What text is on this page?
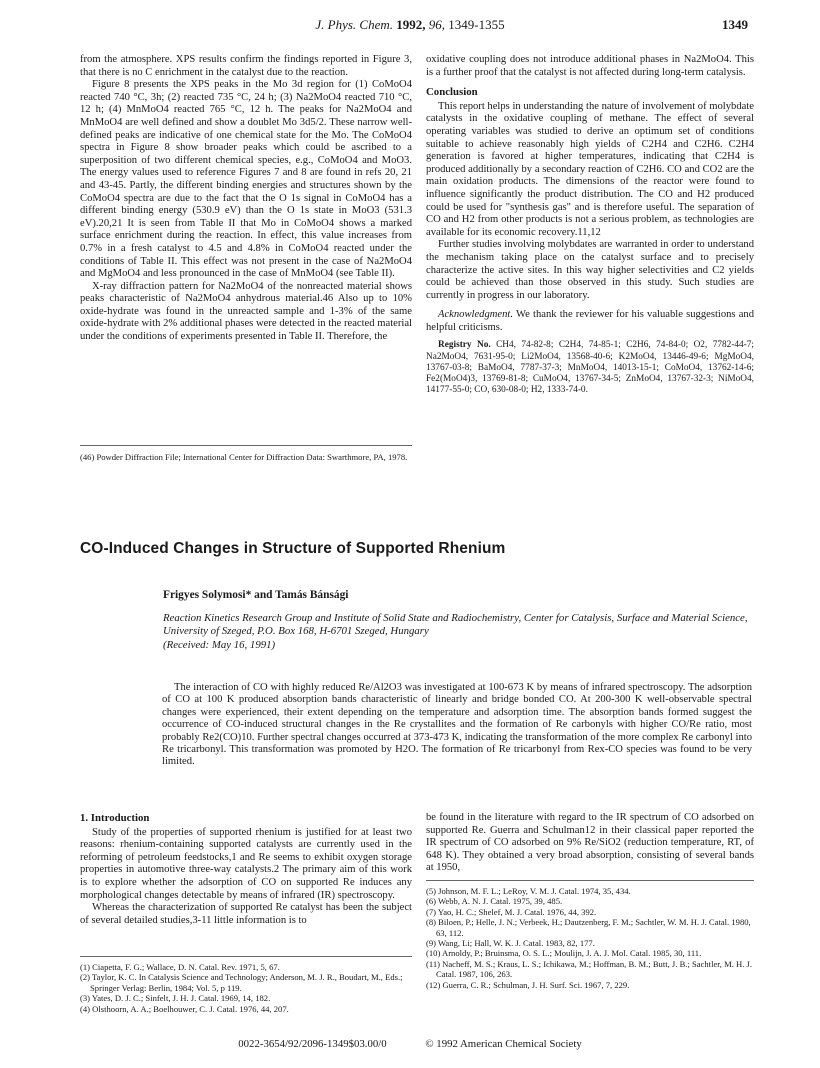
J. Phys. Chem. 1992, 96, 1349-1355	1349

from the atmosphere. XPS results confirm the findings reported in Figure 3, that there is no C enrichment in the catalyst due to the reaction.

Figure 8 presents the XPS peaks in the Mo 3d region for (1) CoMoO4 reacted 740 °C, 3h; (2) reacted 735 °C, 24 h; (3) Na2MoO4 reacted 710 °C, 12 h; (4) MnMoO4 reacted 765 °C, 12 h. The peaks for Na2MoO4 and MnMoO4 are well defined and show a doublet Mo 3d5/2. These narrow well-defined peaks are indicative of one chemical state for the Mo. The CoMoO4 spectra in Figure 8 show broader peaks which could be ascribed to a superposition of two different chemical species, e.g., CoMoO4 and MoO3. The energy values used to reference Figures 7 and 8 are found in refs 20, 21 and 43-45. Partly, the different binding energies and structures shown by the CoMoO4 spectra are due to the fact that the O 1s signal in CoMoO4 has a different binding energy (530.9 eV) than the O 1s state in MoO3 (531.3 eV).20,21 It is seen from Table II that Mo in CoMoO4 shows a marked surface enrichment during the reaction. In effect, this value increases from 0.7% in a fresh catalyst to 4.5 and 4.8% in CoMoO4 reacted under the conditions of Table II. This effect was not present in the case of Na2MoO4 and MgMoO4 and less pronounced in the case of MnMoO4 (see Table II).

X-ray diffraction pattern for Na2MoO4 of the nonreacted material shows peaks characteristic of Na2MoO4 anhydrous material.46 Also up to 10% oxide-hydrate was found in the unreacted sample and 1-3% of the same oxide-hydrate with 2% additional phases were detected in the reacted material under the conditions of experiments presented in Table II. Therefore, the

(46) Powder Diffraction File; International Center for Diffraction Data: Swarthmore, PA, 1978.

oxidative coupling does not introduce additional phases in Na2MoO4. This is a further proof that the catalyst is not affected during long-term catalysis.

Conclusion

This report helps in understanding the nature of involvement of molybdate catalysts in the oxidative coupling of methane. The effect of several operating variables was studied to derive an optimum set of conditions suitable to achieve reasonably high yields of C2H4 and C2H6. C2H4 generation is favored at higher temperatures, indicating that C2H4 is produced additionally by a secondary reaction of C2H6. CO and CO2 are the main oxidation products. The dimensions of the reactor were found to influence significantly the product distribution. The CO and H2 produced could be used for "synthesis gas" and is therefore useful. The separation of CO and H2 from other products is not a serious problem, as technologies are available for its economic recovery.11,12

Further studies involving molybdates are warranted in order to understand the mechanism taking place on the catalyst surface and to precisely characterize the active sites. In this way higher selectivities and C2 yields could be achieved than those observed in this study. Such studies are currently in progress in our laboratory.

Acknowledgment. We thank the reviewer for his valuable suggestions and helpful criticisms.

Registry No. CH4, 74-82-8; C2H4, 74-85-1; C2H6, 74-84-0; O2, 7782-44-7; Na2MoO4, 7631-95-0; Li2MoO4, 13568-40-6; K2MoO4, 13446-49-6; MgMoO4, 13767-03-8; BaMoO4, 7787-37-3; MnMoO4, 14013-15-1; CoMoO4, 13762-14-6; Fe2(MoO4)3, 13769-81-8; CuMoO4, 13767-34-5; ZnMoO4, 13767-32-3; NiMoO4, 14177-55-0; CO, 630-08-0; H2, 1333-74-0.

CO-Induced Changes in Structure of Supported Rhenium
Frigyes Solymosi* and Tamás Bánsági
Reaction Kinetics Research Group and Institute of Solid State and Radiochemistry, Center for Catalysis, Surface and Material Science, University of Szeged, P.O. Box 168, H-6701 Szeged, Hungary
(Received: May 16, 1991)

The interaction of CO with highly reduced Re/Al2O3 was investigated at 100-673 K by means of infrared spectroscopy. The adsorption of CO at 100 K produced absorption bands characteristic of linearly and bridge bonded CO. At 200-300 K well-observable spectral changes were experienced, their extent depending on the temperature and adsorption time. The absorption bands formed suggest the occurrence of CO-induced structural changes in the Re crystallites and the formation of Re carbonyls with higher CO/Re ratio, most probably Re2(CO)10. Further spectral changes occurred at 373-473 K, indicating the transformation of the more complex Re carbonyl into Re tricarbonyl. This transformation was promoted by H2O. The formation of Re tricarbonyl from Rex-CO species was found to be very limited.

1. Introduction

Study of the properties of supported rhenium is justified for at least two reasons: rhenium-containing supported catalysts are currently used in the reforming of petroleum feedstocks,1 and Re seems to exhibit oxygen storage properties in automotive three-way catalysts.2 The primary aim of this work is to explore whether the adsorption of CO on supported Re induces any morphological changes detectable by means of infrared (IR) spectroscopy.

Whereas the characterization of supported Re catalyst has been the subject of several detailed studies,3-11 little information is to

(1) Ciapetta, F. G.; Wallace, D. N. Catal. Rev. 1971, 5, 67.

(2) Taylor, K. C. In Catalysis Science and Technology; Anderson, M. J. R., Boudart, M., Eds.; Springer Verlag: Berlin, 1984; Vol. 5, p 119.

(3) Yates, D. J. C.; Sinfelt, J. H. J. Catal. 1969, 14, 182.

(4) Olsthoorn, A. A.; Boelhouwer, C. J. Catal. 1976, 44, 207.

be found in the literature with regard to the IR spectrum of CO adsorbed on supported Re. Guerra and Schulman12 in their classical paper reported the IR spectrum of CO adsorbed on 9% Re/SiO2 (reduction temperature, RT, of 648 K). They obtained a very broad absorption, consisting of several bands at 1950,

(5) Johnson, M. F. L.; LeRoy, V. M. J. Catal. 1974, 35, 434.

(6) Webb, A. N. J. Catal. 1975, 39, 485.

(7) Yao, H. C.; Shelef, M. J. Catal. 1976, 44, 392.

(8) Biloen, P.; Helle, J. N.; Verbeek, H.; Dautzenberg, F. M.; Sachtler, W. M. H. J. Catal. 1980, 63, 112.

(9) Wang, Li; Hall, W. K. J. Catal. 1983, 82, 177.

(10) Arnoldy, P.; Bruinsma, O. S. L.; Moulijn, J. A. J. Mol. Catal. 1985, 30, 111.

(11) Nacheff, M. S.; Kraus, L. S.; Ichikawa, M.; Hoffman, B. M.; Butt, J. B.; Sachtler, M. H. J. Catal. 1987, 106, 263.

(12) Guerra, C. R.; Schulman, J. H. Surf. Sci. 1967, 7, 229.

0022-3654/92/2096-1349$03.00/0	© 1992 American Chemical Society
